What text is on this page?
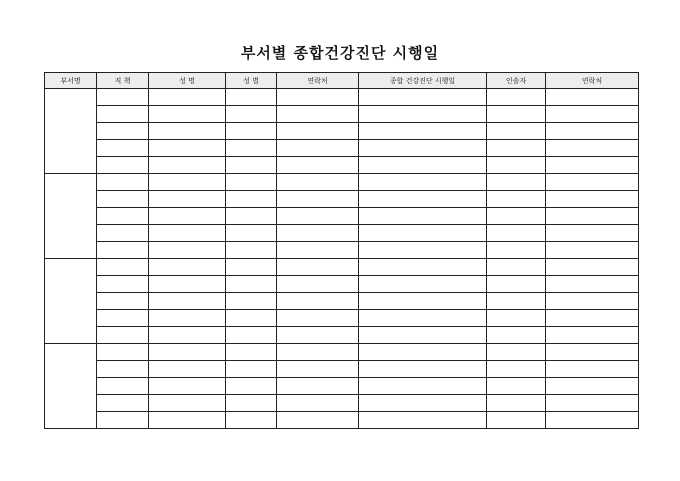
부서별 종합건강진단 시행일
부서명	직 책	성 명	성 별	연락처	종합 건강진단 시행일	인솔자	연락처
